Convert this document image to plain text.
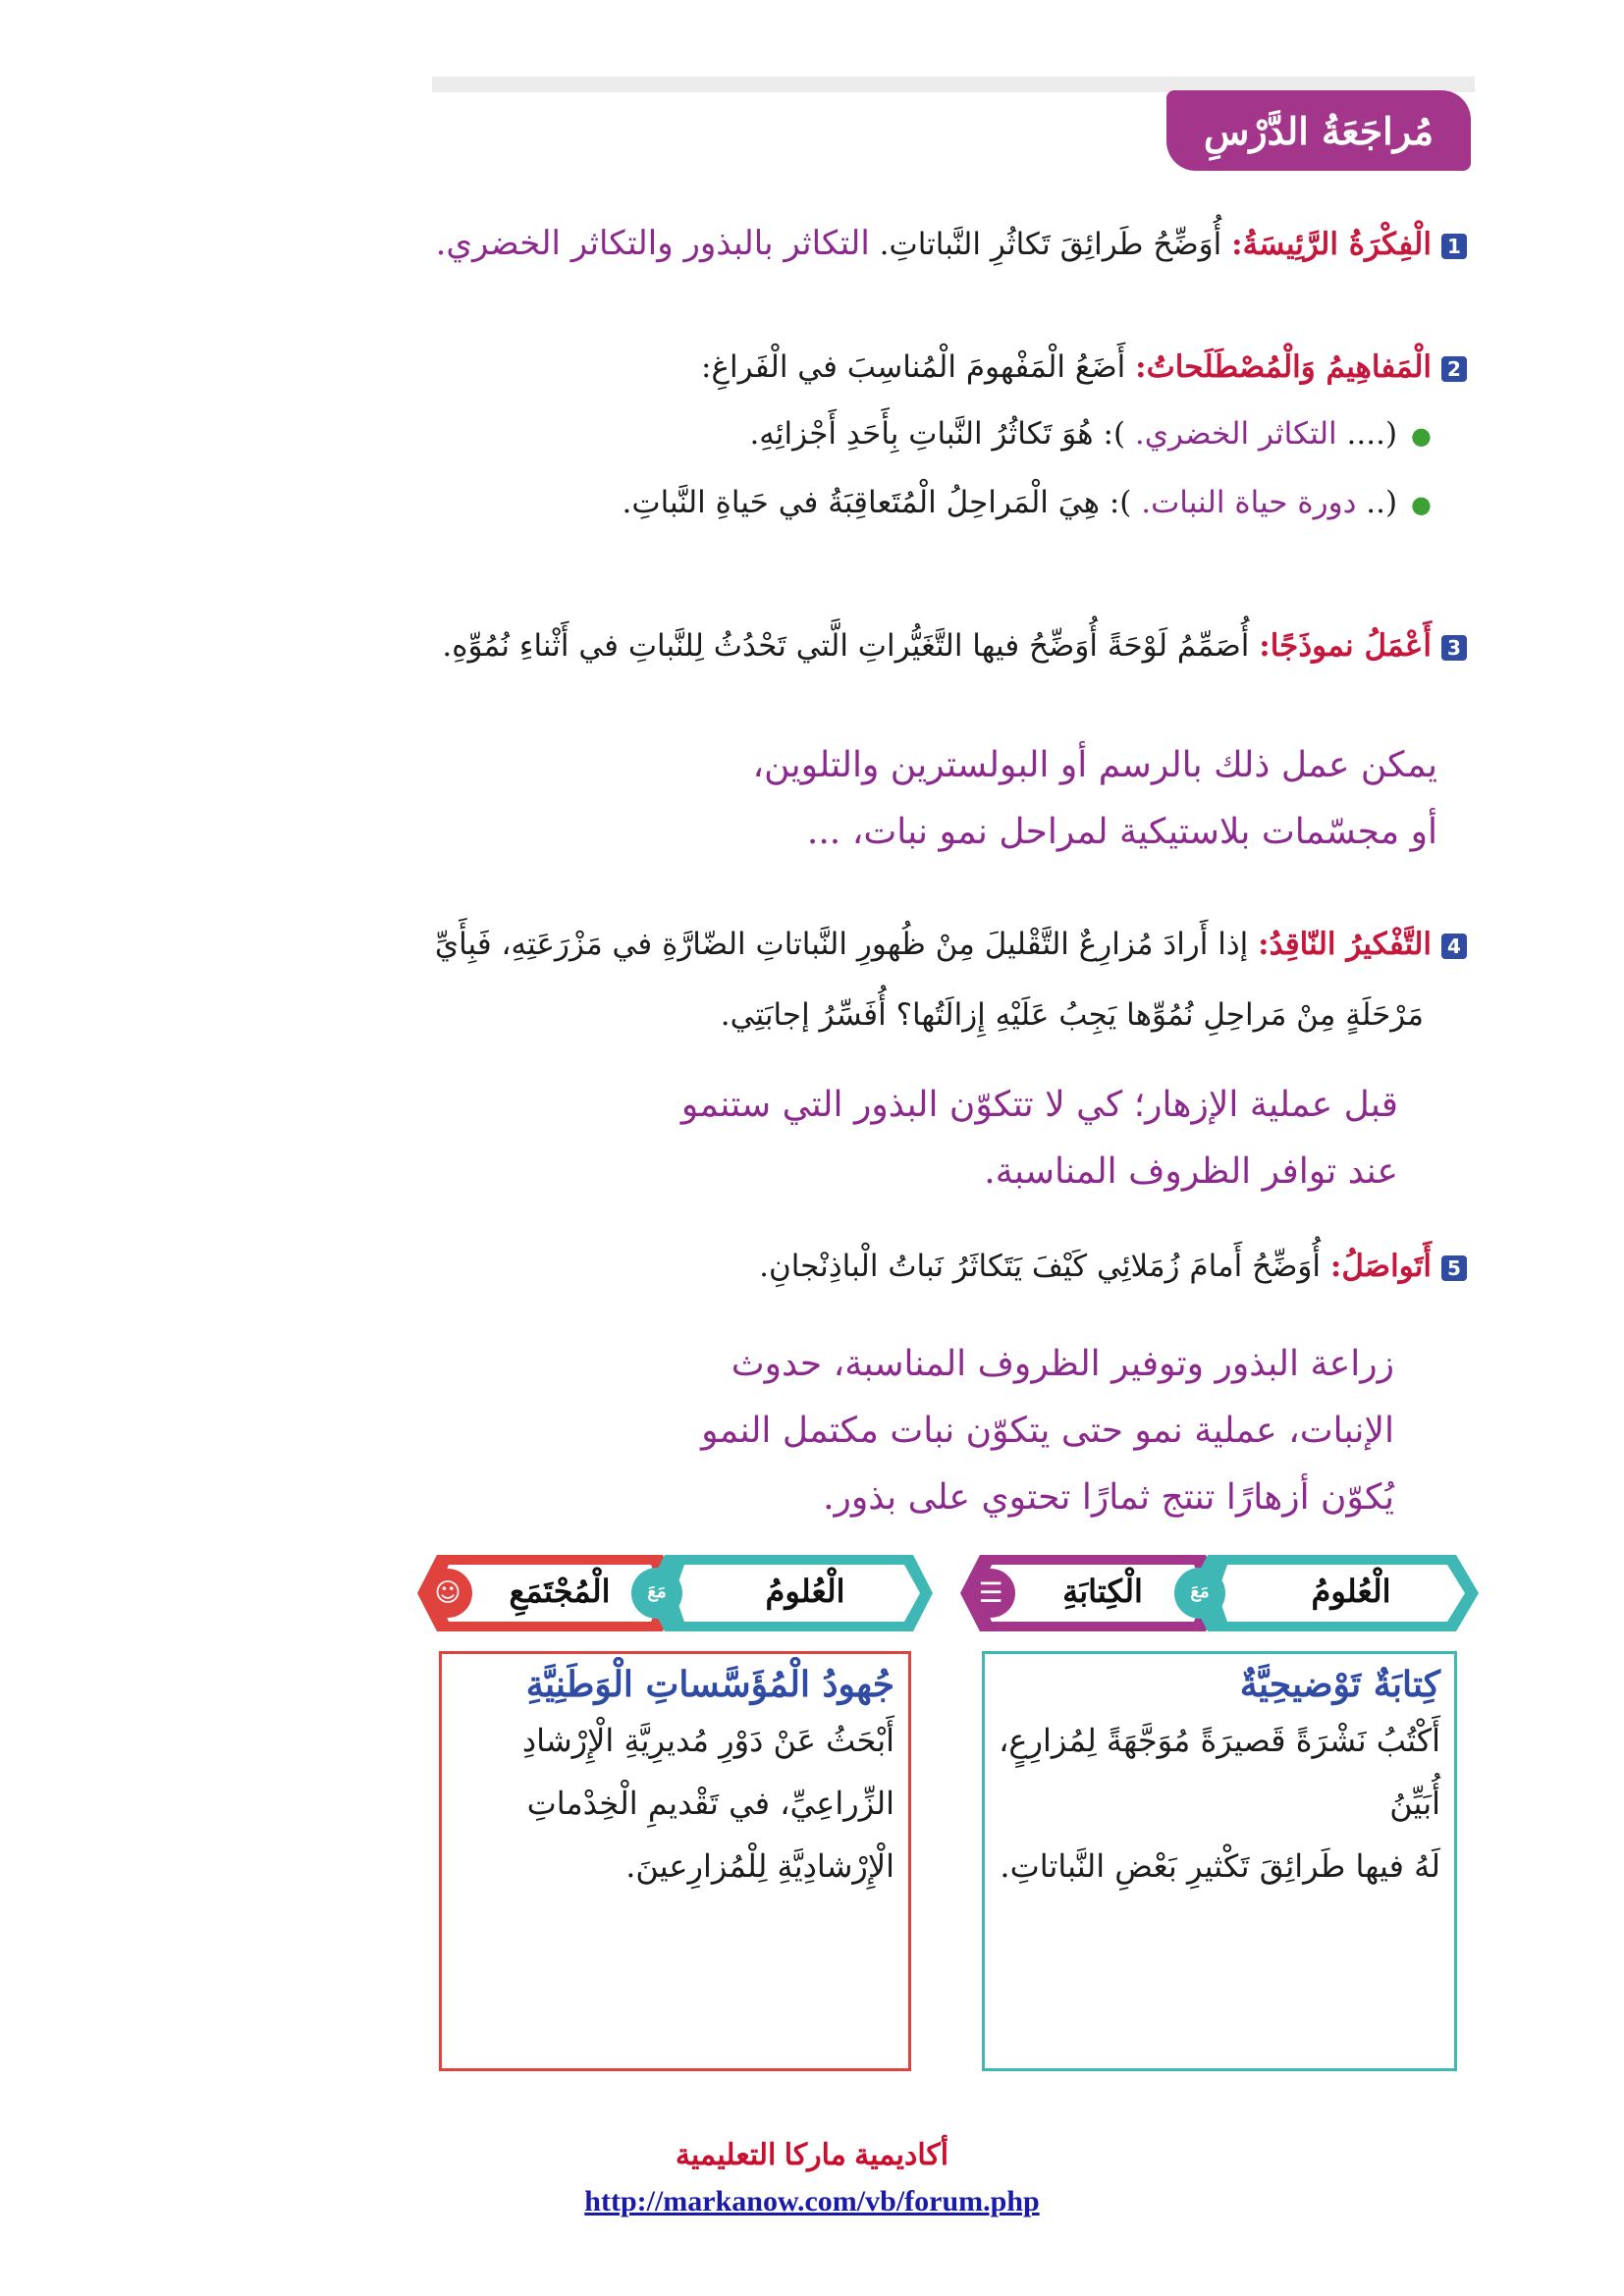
مُراجَعَةُ الدَّرْسِ
1الْفِكْرَةُ الرَّئِيسَةُ: أُوَضِّحُ طَرائِقَ تَكاثُرِ النَّباتاتِ. التكاثر بالبذور والتكاثر الخضري.
2الْمَفاهِيمُ وَالْمُصْطَلَحاتُ: أَضَعُ الْمَفْهومَ الْمُناسِبَ في الْفَراغِ:
●(.... التكاثر الخضري. ): هُوَ تَكاثُرُ النَّباتِ بِأَحَدِ أَجْزائِهِ.
●(.. دورة حياة النبات. ): هِيَ الْمَراحِلُ الْمُتَعاقِبَةُ في حَياةِ النَّباتِ.
3أَعْمَلُ نموذَجًا: أُصَمِّمُ لَوْحَةً أُوَضِّحُ فيها التَّغَيُّراتِ الَّتي تَحْدُثُ لِلنَّباتِ في أَثْناءِ نُمُوِّهِ.
يمكن عمل ذلك بالرسم أو البولسترين والتلوين،
أو مجسّمات بلاستيكية لمراحل نمو نبات، ...
4التَّفْكيرُ النّاقِدُ: إذا أَرادَ مُزارِعٌ التَّقْليلَ مِنْ ظُهورِ النَّباتاتِ الضّارَّةِ في مَزْرَعَتِهِ، فَبِأَيِّ
مَرْحَلَةٍ مِنْ مَراحِلِ نُمُوِّها يَجِبُ عَلَيْهِ إِزالَتُها؟ أُفَسِّرُ إجابَتِي.
قبل عملية الإزهار؛ كي لا تتكوّن البذور التي ستنمو
عند توافر الظروف المناسبة.
5أَتَواصَلُ: أُوَضِّحُ أَمامَ زُمَلائِي كَيْفَ يَتَكاثَرُ نَباتُ الْباذِنْجانِ.
زراعة البذور وتوفير الظروف المناسبة، حدوث
الإنبات، عملية نمو حتى يتكوّن نبات مكتمل النمو
يُكوّن أزهارًا تنتج ثمارًا تحتوي على بذور.
الْعُلومُ
مَعَ
الْكِتابَةِ
☰
كِتابَةٌ تَوْضيحِيَّةٌ
أَكْتُبُ نَشْرَةً قَصيرَةً مُوَجَّهَةً لِمُزارِعٍ، أُبَيِّنُ
لَهُ فيها طَرائِقَ تَكْثيرِ بَعْضِ النَّباتاتِ.
الْعُلومُ
مَعَ
الْمُجْتَمَعِ
☺
جُهودُ الْمُؤَسَّساتِ الْوَطَنِيَّةِ
أَبْحَثُ عَنْ دَوْرِ مُديرِيَّةِ الْإِرْشادِ
الزِّراعِيِّ، في تَقْديمِ الْخِدْماتِ
الْإِرْشادِيَّةِ لِلْمُزارِعينَ.
أكاديمية ماركا التعليمية
http://markanow.com/vb/forum.php
